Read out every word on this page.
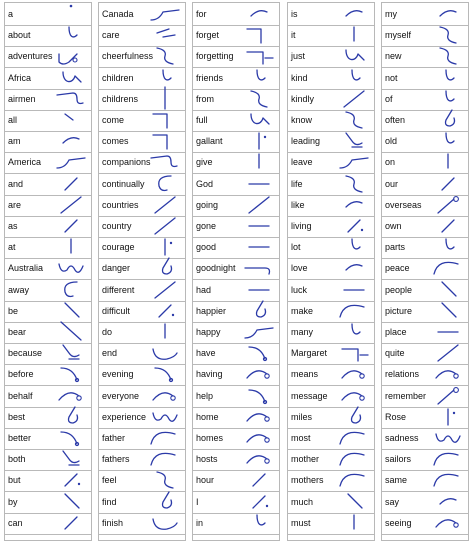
a
about
adventures
Africa
airmen
all
am
America
and
are
as
at
Australia
away
be
bear
because
before
behalf
best
better
both
but
by
can
Canada
care
cheerfulness
children
childrens
come
comes
companions
continually
countries
country
courage
danger
different
difficult
do
end
evening
everyone
experience
father
fathers
feel
find
finish
for
forget
forgetting
friends
from
full
gallant
give
God
going
gone
good
goodnight
had
happier
happy
have
having
help
home
homes
hosts
hour
I
in
is
it
just
kind
kindly
know
leading
leave
life
like
living
lot
love
luck
make
many
Margaret
means
message
miles
most
mother
mothers
much
must
my
myself
new
not
of
often
old
on
our
overseas
own
parts
peace
people
picture
place
quite
relations
remember
Rose
sadness
sailors
same
say
seeing
